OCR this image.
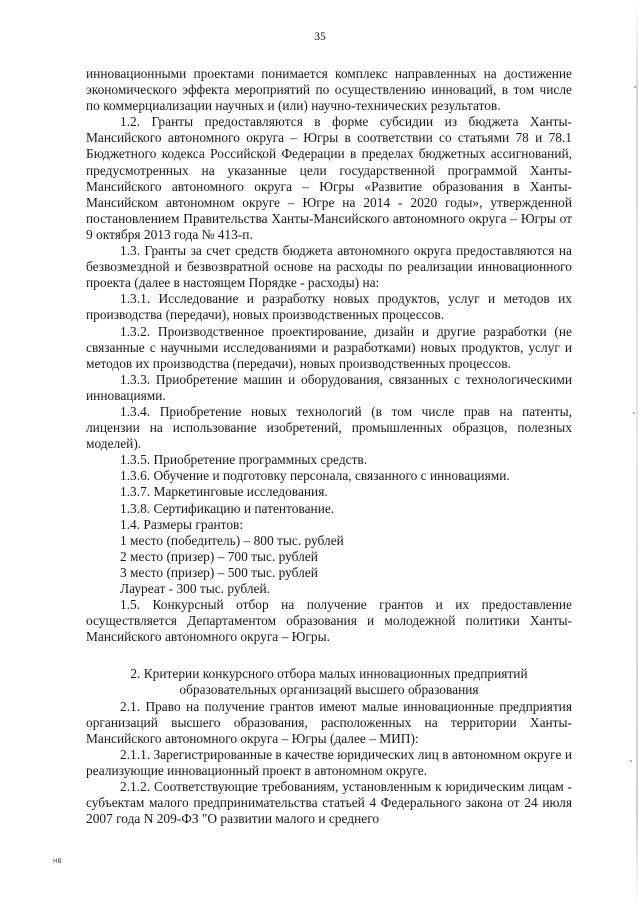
35

инновационными проектами понимается комплекс направленных на достижение экономического эффекта мероприятий по осуществлению инноваций, в том числе по коммерциализации научных и (или) научно-технических результатов.

1.2. Гранты предоставляются в форме субсидии из бюджета Ханты-Мансийского автономного округа – Югры в соответствии со статьями 78 и 78.1 Бюджетного кодекса Российской Федерации в пределах бюджетных ассигнований, предусмотренных на указанные цели государственной программой Ханты-Мансийского автономного округа – Югры «Развитие образования в Ханты-Мансийском автономном округе – Югре на 2014 - 2020 годы», утвержденной постановлением Правительства Ханты-Мансийского автономного округа – Югры от 9 октября 2013 года № 413-п.

1.3. Гранты за счет средств бюджета автономного округа предоставляются на безвозмездной и безвозвратной основе на расходы по реализации инновационного проекта (далее в настоящем Порядке - расходы) на:

1.3.1. Исследование и разработку новых продуктов, услуг и методов их производства (передачи), новых производственных процессов.

1.3.2. Производственное проектирование, дизайн и другие разработки (не связанные с научными исследованиями и разработками) новых продуктов, услуг и методов их производства (передачи), новых производственных процессов.

1.3.3. Приобретение машин и оборудования, связанных с технологическими инновациями.

1.3.4. Приобретение новых технологий (в том числе прав на патенты, лицензии на использование изобретений, промышленных образцов, полезных моделей).

1.3.5. Приобретение программных средств.

1.3.6. Обучение и подготовку персонала, связанного с инновациями.

1.3.7. Маркетинговые исследования.

1.3.8. Сертификацию и патентование.

1.4. Размеры грантов:

1 место (победитель) – 800 тыс. рублей

2 место (призер) – 700 тыс. рублей

3 место (призер) – 500 тыс. рублей

Лауреат - 300 тыс. рублей.

1.5. Конкурсный отбор на получение грантов и их предоставление осуществляется Департаментом образования и молодежной политики Ханты-Мансийского автономного округа – Югры.

2. Критерии конкурсного отбора малых инновационных предприятий

образовательных организаций высшего образования

2.1. Право на получение грантов имеют малые инновационные предприятия организаций высшего образования, расположенных на территории Ханты-Мансийского автономного округа – Югры (далее – МИП):

2.1.1. Зарегистрированные в качестве юридических лиц в автономном округе и реализующие инновационный проект в автономном округе.

2.1.2. Соответствующие требованиям, установленным к юридическим лицам - субъектам малого предпринимательства статьей 4 Федерального закона от 24 июля 2007 года N 209-ФЗ "О развитии малого и среднего

HB
